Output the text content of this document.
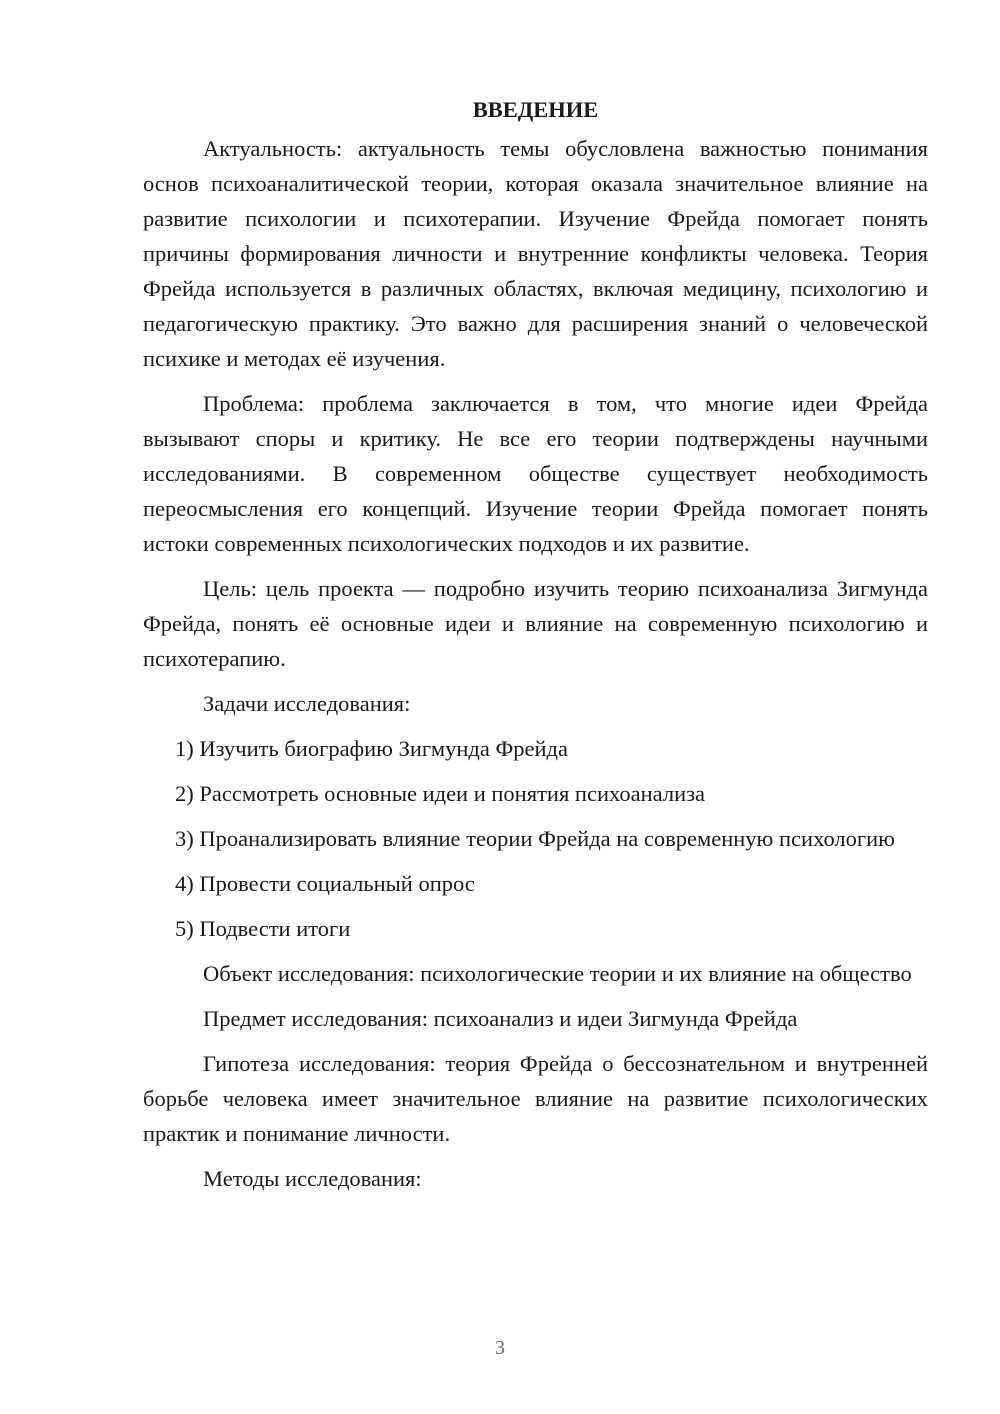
ВВЕДЕНИЕ

Актуальность: актуальность темы обусловлена важностью понимания основ психоаналитической теории, которая оказала значительное влияние на развитие психологии и психотерапии. Изучение Фрейда помогает понять причины формирования личности и внутренние конфликты человека. Теория Фрейда используется в различных областях, включая медицину, психологию и педагогическую практику. Это важно для расширения знаний о человеческой психике и методах её изучения.

Проблема: проблема заключается в том, что многие идеи Фрейда вызывают споры и критику. Не все его теории подтверждены научными исследованиями. В современном обществе существует необходимость переосмысления его концепций. Изучение теории Фрейда помогает понять истоки современных психологических подходов и их развитие.

Цель: цель проекта — подробно изучить теорию психоанализа Зигмунда Фрейда, понять её основные идеи и влияние на современную психологию и психотерапию.

Задачи исследования:
1) Изучить биографию Зигмунда Фрейда
2) Рассмотреть основные идеи и понятия психоанализа
3) Проанализировать влияние теории Фрейда на современную психологию
4) Провести социальный опрос
5) Подвести итоги

Объект исследования: психологические теории и их влияние на общество

Предмет исследования: психоанализ и идеи Зигмунда Фрейда

Гипотеза исследования: теория Фрейда о бессознательном и внутренней борьбе человека имеет значительное влияние на развитие психологических практик и понимание личности.

Методы исследования:
3
